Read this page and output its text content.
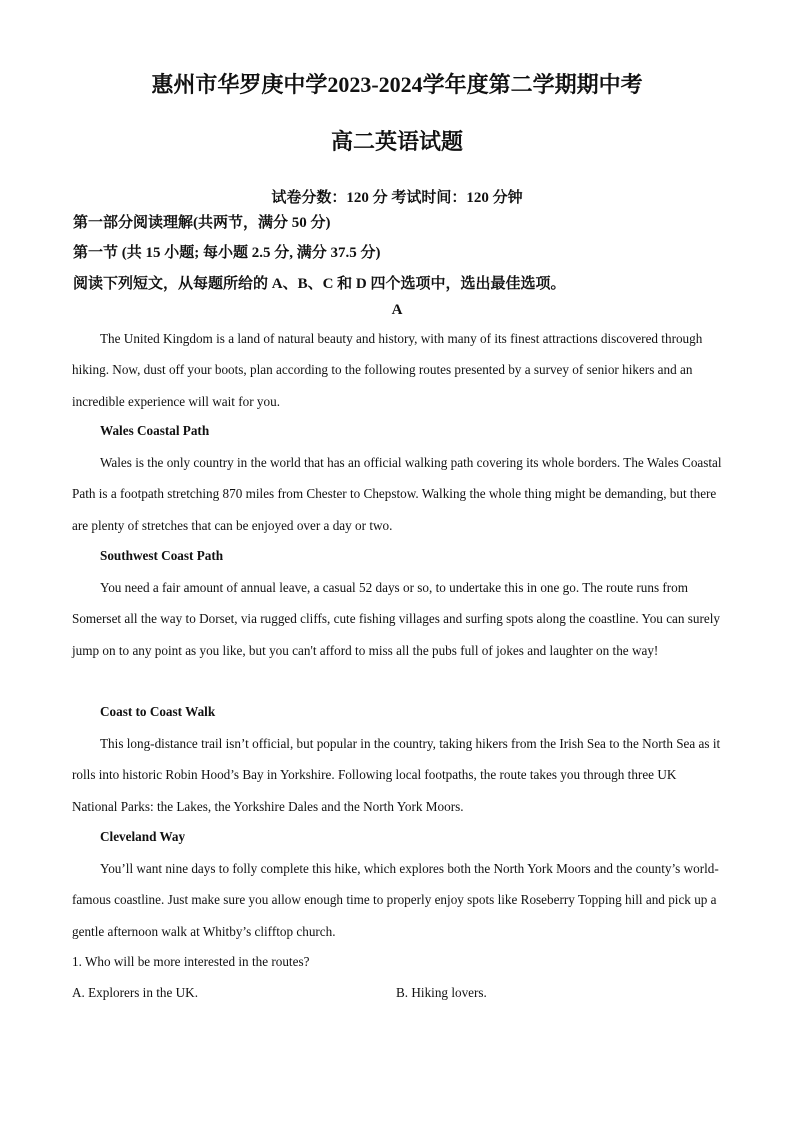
惠州市华罗庚中学2023-2024学年度第二学期期中考
高二英语试题
试卷分数：120 分 考试时间：120 分钟
第一部分阅读理解(共两节，满分 50 分)
第一节 (共 15 小题; 每小题 2.5 分, 满分 37.5 分)
阅读下列短文，从每题所给的 A、B、C 和 D 四个选项中，选出最佳选项。
A

The United Kingdom is a land of natural beauty and history, with many of its finest attractions discovered through hiking. Now, dust off your boots, plan according to the following routes presented by a survey of senior hikers and an incredible experience will wait for you.

Wales Coastal Path

Wales is the only country in the world that has an official walking path covering its whole borders. The Wales Coastal Path is a footpath stretching 870 miles from Chester to Chepstow. Walking the whole thing might be demanding, but there are plenty of stretches that can be enjoyed over a day or two.

Southwest Coast Path

You need a fair amount of annual leave, a casual 52 days or so, to undertake this in one go. The route runs from Somerset all the way to Dorset, via rugged cliffs, cute fishing villages and surfing spots along the coastline. You can surely jump on to any point as you like, but you can't afford to miss all the pubs full of jokes and laughter on the way!

Coast to Coast Walk

This long-distance trail isn’t official, but popular in the country, taking hikers from the Irish Sea to the North Sea as it rolls into historic Robin Hood’s Bay in Yorkshire. Following local footpaths, the route takes you through three UK National Parks: the Lakes, the Yorkshire Dales and the North York Moors.

Cleveland Way

You’ll want nine days to folly complete this hike, which explores both the North York Moors and the county’s world-famous coastline. Just make sure you allow enough time to properly enjoy spots like Roseberry Topping hill and pick up a gentle afternoon walk at Whitby’s clifftop church.

1. Who will be more interested in the routes?
A. Explorers in the UK.	B. Hiking lovers.
